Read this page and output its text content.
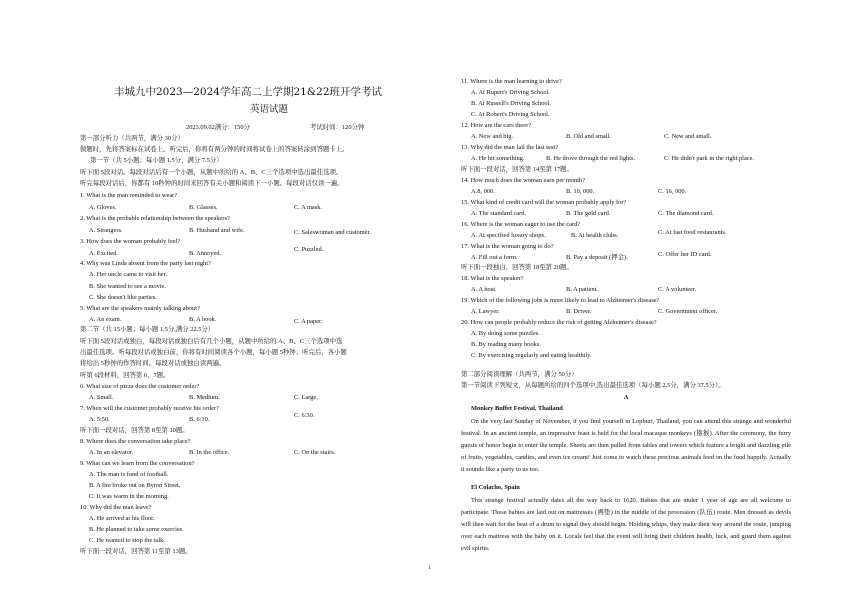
丰城九中2023—2024学年高二上学期21&22班开学考试
英语试题
2023.09.02满分：150分	考试时间：120分钟
第一部分听力（共两节，满分 30分）
做题时，先将答案标在试卷上。听完后，你将有两分钟的时间将试卷上的答案转涂到答题卡上。
第一节（共 5小题；每小题 1.5分，满分 7.5分）
听下面 5段对话。每段对话后有一个小题，从题中所给的 A、B、C三个选项中选出最佳选项。
听完每段对话后，你都有 10秒钟的时间来回答有关小题和阅读下一小题。每段对话仅读一遍。
1. What is the man reminded to wear?
A. Gloves.	B. Glasses.	C. A mask.
2. What is the probable relationship between the speakers?
A. Strangers.	B. Husband and wife.	C. Saleswoman and customer.
3. How does the woman probably feel?
A. Excited.	B. Annoyed.
C. Puzzled.
4. Why was Linda absent from the party last night?
A. Her uncle came to visit her.
B. She wanted to see a movie.
C. She doesn't like parties.
5. What are the speakers mainly talking about?
A. An exam.	B. A book.	C. A paper.
第二节（共 15小题；每小题 1.5分,满分 22.5分）
听下面 5段对话或独白，每段对话或独白后有几个小题，从题中所给的 A、B、C三个选项中选
出最佳选项。听每段对话或独白前，你将有时间阅读各个小题，每小题 5秒钟；听完后，各小题
将给出 5秒钟的作答时间。每段对话或独白读两遍。
听第 6段材料，回答第 6、7题。
6. What size of pizza does the customer order?
A. Small.	B. Medium.	C. Large.
7. When will the customer probably receive his order?
A. 5:50.	B. 6:10.
C. 6:30.
听下面一段对话，回答第 8至第 10题。
8. Where does the conversation take place?
A. In an elevator.	B. In the office.	C. On the stairs.
9. What can we learn from the conversation?
A. The man is fond of football.
B. A fire broke out on Byron Street.
C. It was warm in the morning.
10. Why did the man leave?
A. He arrived at his floor.
B. He planned to take some exercise.
C. He wanted to stop the talk.
听下面一段对话，回答第 11至第 13题。
11. Where is the man learning to drive?
A. At Rupert's Driving School.
B. At Russell's Driving School.
C. At Robert's Driving School.
12. How are the cars there?
A. New and big.	B. Old and small.	C. New and small.
13. Why did the man fail the last test?
A. He hit something.	B. He drove through the red lights.	C. He didn't park in the right place.
听下面一段对话，回答第 14至第 17题。
14. How much does the woman earn per month?
A.8, 000.	B. 10, 000.	C. 16, 000.
15. What kind of credit card will the woman probably apply for?
A. The standard card.	B. The gold card.	C. The diamond card.
16. Where is the woman eager to use the card?
A. At specified luxury shops.	B. At health clubs.	C. At fast food restaurants.
17. What is the woman going to do?
A. Fill out a form.	B. Pay a deposit (押金).	C. Offer her ID card.
听下面一段独白，回答第 18至第 20题。
18. What is the speaker?
A. A host.	B. A patient.	C. A volunteer.
19. Which of the following jobs is more likely to lead to Alzheimer's disease?
A. Lawyer.	B. Driver.	C. Government officer.
20. How can people probably reduce the risk of getting Alzheimer's disease?
A. By doing some puzzles.
B. By reading many books.
C. By exercising regularly and eating healthily.
第二部分阅读理解（共两节，满分 50分）
第一节阅读下列短文，从每题所给的四个选项中,选出最佳选项（每小题 2.5分，满分 37.5分）。
A
Monkey Buffet Festival, Thailand
On the very last Sunday of November, if you find yourself in Lopburi, Thailand, you can attend this strange and wonderful festival. In an ancient temple, an impressive feast is held for the local macaque monkeys (猕猴). After the ceremony, the furry guests of honor begin to enter the temple. Sheets are then pulled from tables and towers which feature a bright and dazzling pile of fruits, vegetables, candies, and even ice cream! Just come to watch these precious animals feed on the food happily. Actually it sounds like a party to us too.
El Colacho, Spain
This strange festival actually dates all the way back to 1620. Babies that are under 1 year of age are all welcome to participate. These babies are laid out on mattresses (褥垫) in the middle of the procession (队伍) route. Men dressed as devils will then wait for the beat of a drum to signal they should begin. Holding whips, they make their way around the route, jumping over each mattress with the baby on it. Locals feel that the event will bring their children health, luck, and guard them against evil spirits.
1
